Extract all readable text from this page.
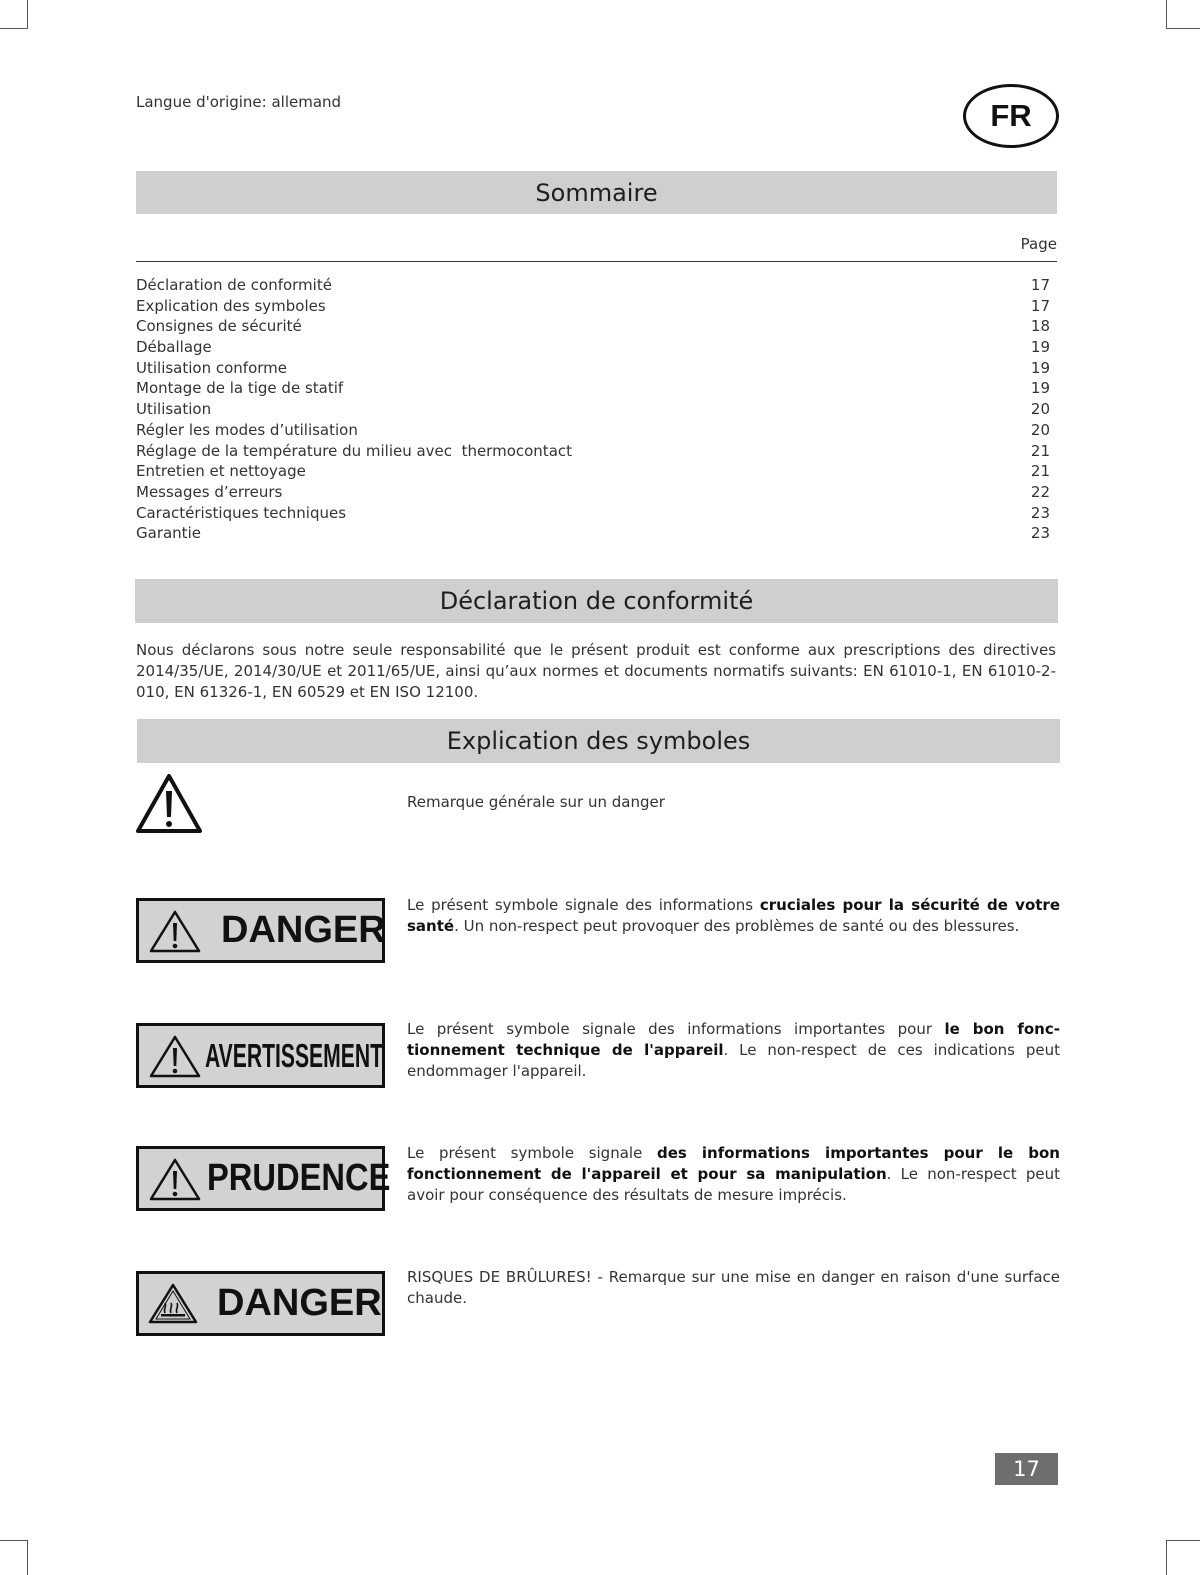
Langue d'origine: allemand	FR
Sommaire
Page
Déclaration de conformité	17
Explication des symboles	17
Consignes de sécurité	18
Déballage	19
Utilisation conforme	19
Montage de la tige de statif	19
Utilisation	20
Régler les modes d’utilisation	20
Réglage de la température du milieu avec  thermocontact	21
Entretien et nettoyage	21
Messages d’erreurs	22
Caractéristiques techniques	23
Garantie	23
Déclaration de conformité

Nous déclarons sous notre seule responsabilité que le présent produit est conforme aux prescriptions des directives 2014/35/UE, 2014/30/UE et 2011/65/UE, ainsi qu’aux normes et documents normatifs suivants: EN 61010-1, EN 61010-2-010, EN 61326-1, EN 60529 et EN ISO 12100.

Explication des symboles
Remarque générale sur un danger
DANGER
Le présent symbole signale des informations cruciales pour la sécurité de votre santé. Un non-respect peut provoquer des problèmes de santé ou des blessures.
AVERTISSEMENT
Le présent symbole signale des informations importantes pour le bon fonctionnement technique de l'appareil. Le non-respect de ces indications peut endommager l'appareil.
PRUDENCE
Le présent symbole signale des informations importantes pour le bon fonctionnement de l'appareil et pour sa manipulation. Le non-respect peut avoir pour conséquence des résultats de mesure imprécis.
DANGER
RISQUES DE BRÛLURES! - Remarque sur une mise en danger en raison d'une surface chaude.
17
